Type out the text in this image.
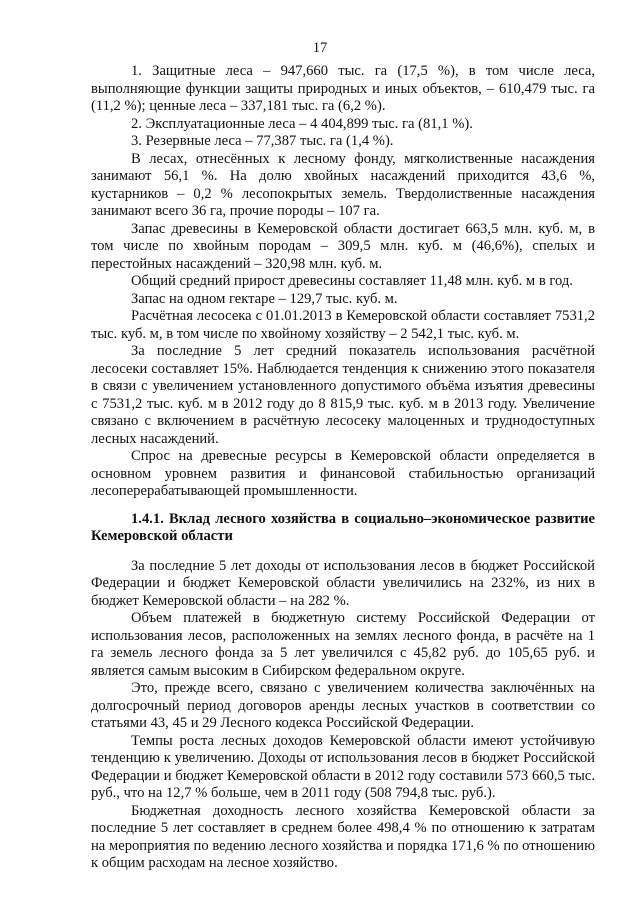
17

1. Защитные леса – 947,660 тыс. га (17,5 %), в том числе леса, выполняющие функции защиты природных и иных объектов, – 610,479 тыс. га (11,2 %); ценные леса – 337,181 тыс. га (6,2 %).

2. Эксплуатационные леса – 4 404,899 тыс. га (81,1 %).

3. Резервные леса – 77,387 тыс. га (1,4 %).

В лесах, отнесённых к лесному фонду, мягколиственные насаждения занимают 56,1 %. На долю хвойных насаждений приходится 43,6 %, кустарников – 0,2 % лесопокрытых земель. Твердолиственные насаждения занимают всего 36 га, прочие породы – 107 га.

Запас древесины в Кемеровской области достигает 663,5 млн. куб. м, в том числе по хвойным породам – 309,5 млн. куб. м (46,6%), спелых и перестойных насаждений – 320,98 млн. куб. м.

Общий средний прирост древесины составляет 11,48 млн. куб. м в год.

Запас на одном гектаре – 129,7 тыс. куб. м.

Расчётная лесосека с 01.01.2013 в Кемеровской области составляет 7531,2 тыс. куб. м, в том числе по хвойному хозяйству – 2 542,1 тыс. куб. м.

За последние 5 лет средний показатель использования расчётной лесосеки составляет 15%. Наблюдается тенденция к снижению этого показателя в связи с увеличением установленного допустимого объёма изъятия древесины с 7531,2 тыс. куб. м в 2012 году до 8 815,9 тыс. куб. м в 2013 году. Увеличение связано с включением в расчётную лесосеку малоценных и труднодоступных лесных насаждений.

Спрос на древесные ресурсы в Кемеровской области определяется в основном уровнем развития и финансовой стабильностью организаций лесоперерабатывающей промышленности.

1.4.1. Вклад лесного хозяйства в социально–экономическое развитие Кемеровской области

За последние 5 лет доходы от использования лесов в бюджет Российской Федерации и бюджет Кемеровской области увеличились на 232%, из них в бюджет Кемеровской области – на 282 %.

Объем платежей в бюджетную систему Российской Федерации от использования лесов, расположенных на землях лесного фонда, в расчёте на 1 га земель лесного фонда за 5 лет увеличился с 45,82 руб. до 105,65 руб. и является самым высоким в Сибирском федеральном округе.

Это, прежде всего, связано с увеличением количества заключённых на долгосрочный период договоров аренды лесных участков в соответствии со статьями 43, 45 и 29 Лесного кодекса Российской Федерации.

Темпы роста лесных доходов Кемеровской области имеют устойчивую тенденцию к увеличению. Доходы от использования лесов в бюджет Российской Федерации и бюджет Кемеровской области в 2012 году составили 573 660,5 тыс. руб., что на 12,7 % больше, чем в 2011 году (508 794,8 тыс. руб.).

Бюджетная доходность лесного хозяйства Кемеровской области за последние 5 лет составляет в среднем более 498,4 % по отношению к затратам на мероприятия по ведению лесного хозяйства и порядка 171,6 % по отношению к общим расходам на лесное хозяйство.
